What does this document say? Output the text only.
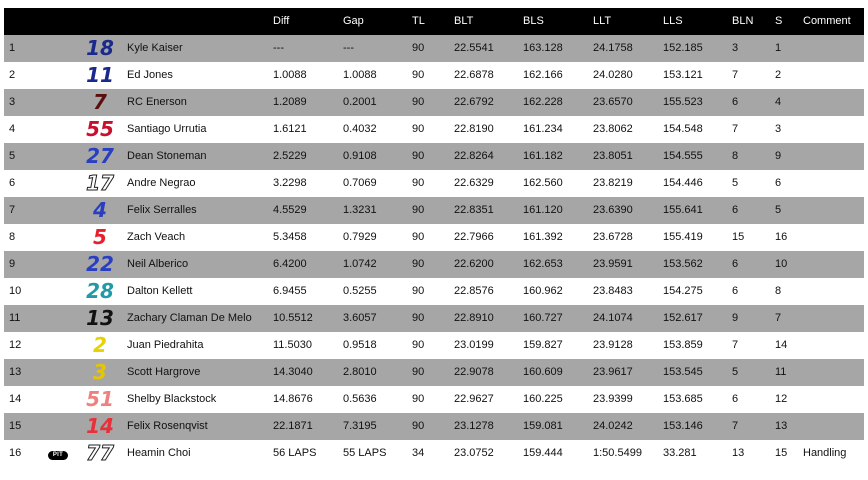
Diff	Gap	TL	BLT	BLS	LLT	LLS	BLN S Comment
1	18	Kyle Kaiser	---	---	90	22.5541	163.128	24.1758	152.185	3	1
2	11	Ed Jones	1.0088	1.0088	90	22.6878	162.166	24.0280	153.121	7	2
3	7	RC Enerson	1.2089	0.2001	90	22.6792	162.228	23.6570	155.523	6	4
4	55	Santiago Urrutia	1.6121	0.4032	90	22.8190	161.234	23.8062	154.548	7	3
5	27	Dean Stoneman	2.5229	0.9108	90	22.8264	161.182	23.8051	154.555	8	9
6	17	Andre Negrao	3.2298	0.7069	90	22.6329	162.560	23.8219	154.446	5	6
7	4	Felix Serralles	4.5529	1.3231	90	22.8351	161.120	23.6390	155.641	6	5
8	5	Zach Veach	5.3458	0.7929	90	22.7966	161.392	23.6728	155.419	15	16
9	22	Neil Alberico	6.4200	1.0742	90	22.6200	162.653	23.9591	153.562	6	10
10	28	Dalton Kellett	6.9455	0.5255	90	22.8576	160.962	23.8483	154.275	6	8
11	13	Zachary Claman De Melo 10.5512	3.6057	90	22.8910	160.727	24.1074	152.617	9	7
12	2	Juan Piedrahita	11.5030	0.9518	90	23.0199	159.827	23.9128	153.859	7	14
13	3	Scott Hargrove	14.3040	2.8010	90	22.9078	160.609	23.9617	153.545	5	11
14	51	Shelby Blackstock	14.8676	0.5636	90	22.9627	160.225	23.9399	153.685	6	12
15	14	Felix Rosenqvist	22.1871	7.3195	90	23.1278	159.081	24.0242	153.146	7	13
16	PIT	77	Heamin Choi	56 LAPS 55 LAPS 34	23.0752	159.444	1:50.5499 33.281	13	15 Handling
